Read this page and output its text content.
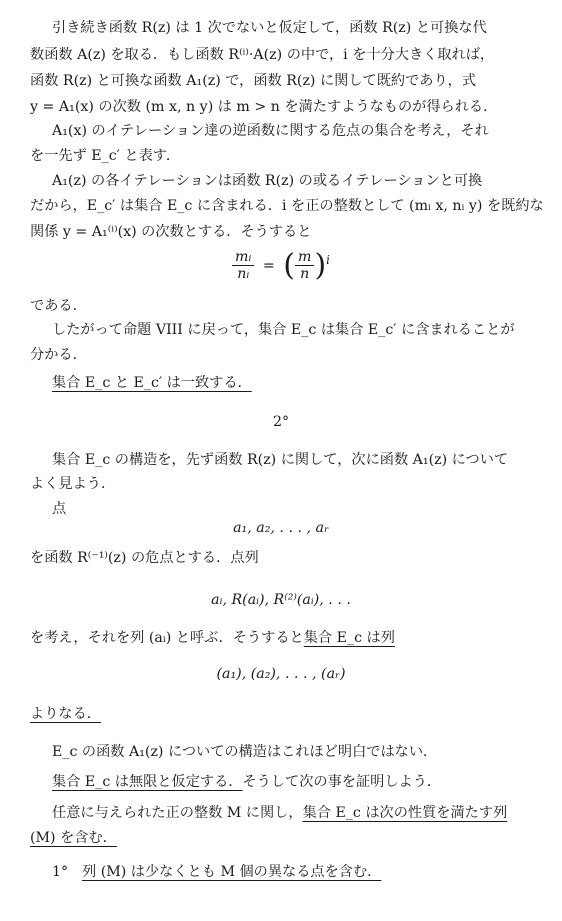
引き続き函数 R(z) は 1 次でないと仮定して，函数 R(z) と可換な代
数函数 A(z) を取る．もし函数 R⁽ⁱ⁾·A(z) の中で，i を十分大きく取れば，
函数 R(z) と可換な函数 A₁(z) で，函数 R(z) に関して既約であり，式
y = A₁(x) の次数 (m x, n y) は m > n を満たすようなものが得られる．
A₁(x) のイテレーション達の逆函数に関する危点の集合を考え，それ
を一先ず E_c′ と表す．
A₁(z) の各イテレーションは函数 R(z) の或るイテレーションと可換
だから，E_c′ は集合 E_c に含まれる．i を正の整数として (mᵢ x, nᵢ y) を既約な
関係 y = A₁⁽ⁱ⁾(x) の次数とする．そうすると
$\frac{\text{mᵢ}}{\text{nᵢ}}$ = ( $\frac{m}{n} )^i$
である．
したがって命題 VIII に戻って，集合 E_c は集合 E_c′ に含まれることが
分かる．
集合 E_c と E_c′ は一致する．
2°
集合 E_c の構造を，先ず函数 R(z) に関して，次に函数 A₁(z) について
よく見よう．
点
a₁, a₂, . . . , aᵣ
を函数 R⁽⁻¹⁾(z) の危点とする．点列
aᵢ, R(aᵢ), R⁽²⁾(aᵢ), . . .
を考え，それを列 (aᵢ) と呼ぶ．そうすると集合 E_c は列
(a₁), (a₂), . . . , (aᵣ)
よりなる．
E_c の函数 A₁(z) についての構造はこれほど明白ではない．
集合 E_c は無限と仮定する．そうして次の事を証明しよう．
任意に与えられた正の整数 M に関し，集合 E_c は次の性質を満たす列
(M) を含む．
1° 列 (M) は少なくとも M 個の異なる点を含む．
